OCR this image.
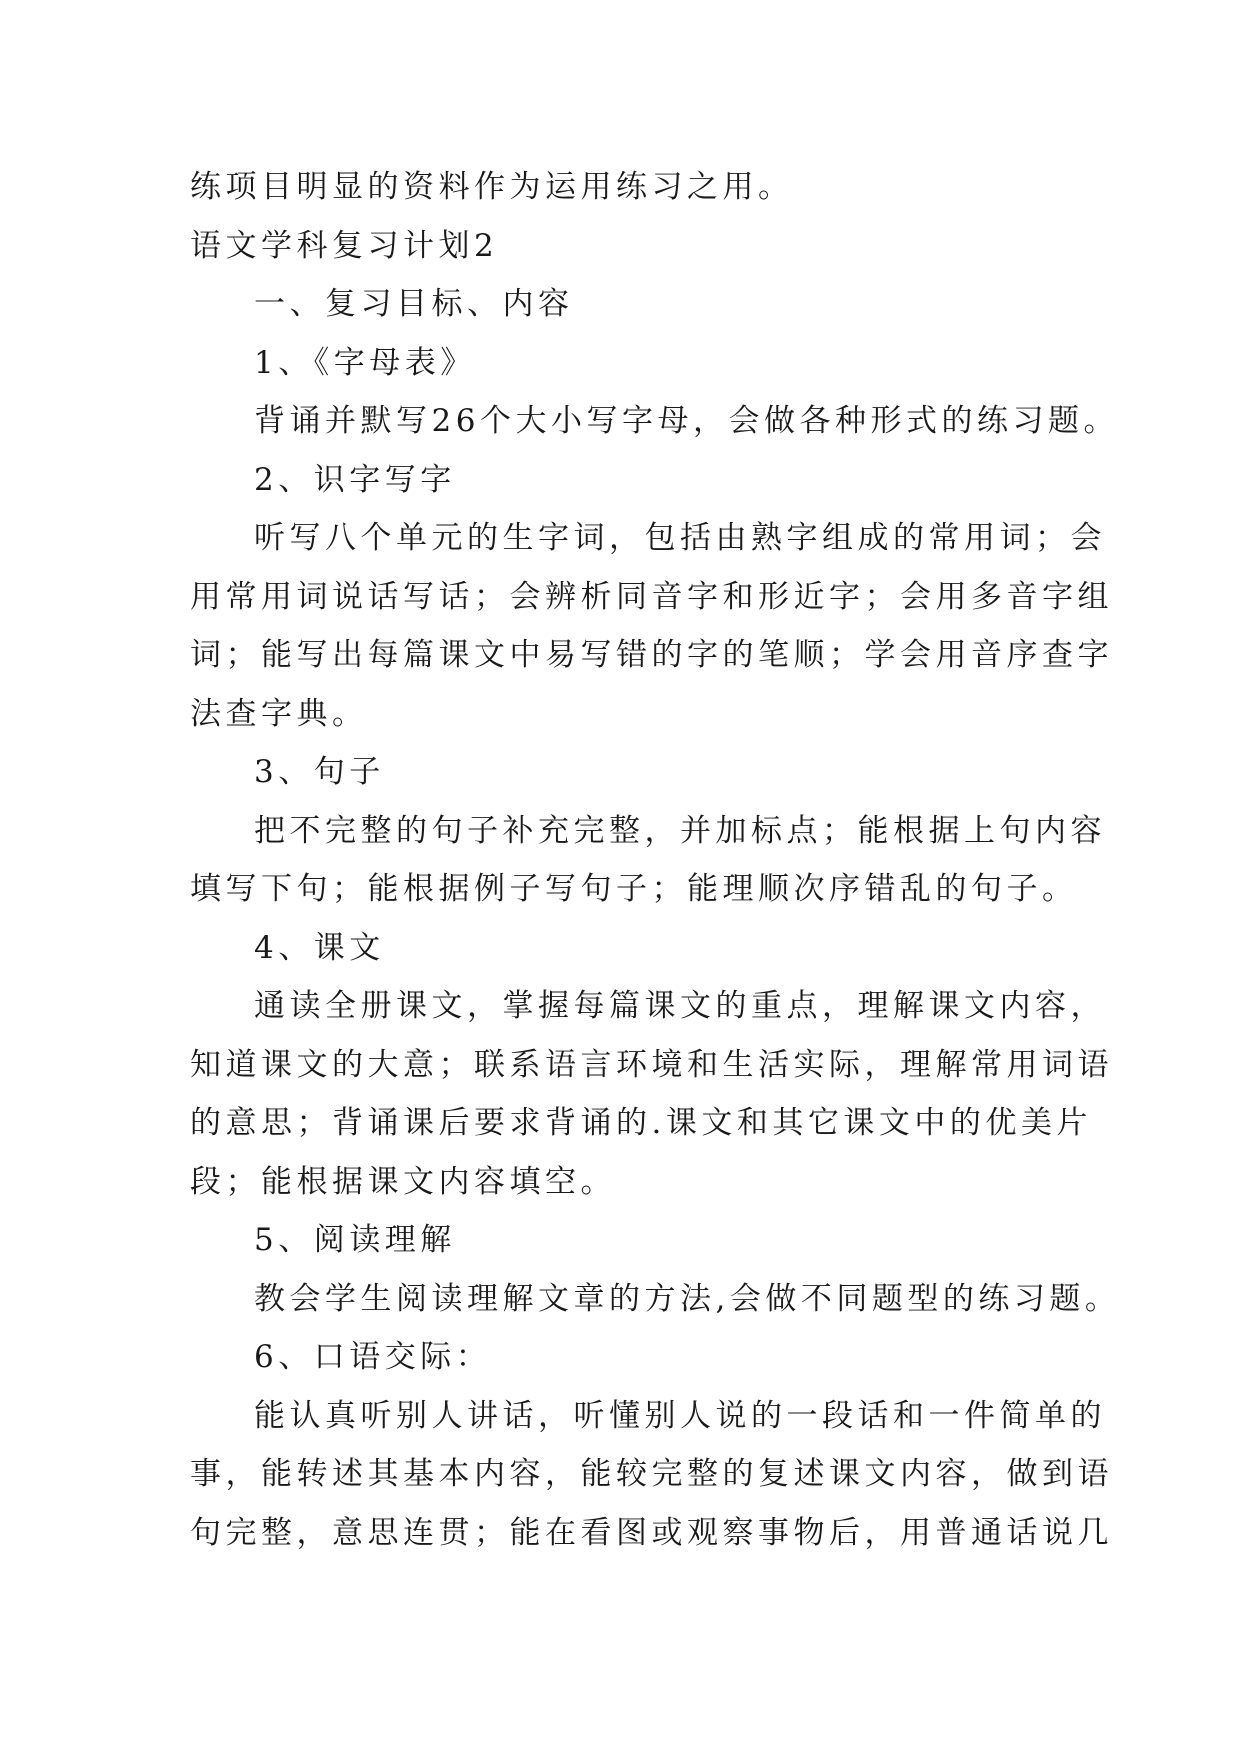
练项目明显的资料作为运用练习之用。

语文学科复习计划2

一、复习目标、内容

1、《字母表》

背诵并默写26个大小写字母，会做各种形式的练习题。

2、识字写字

听写八个单元的生字词，包括由熟字组成的常用词；会

用常用词说话写话；会辨析同音字和形近字；会用多音字组

词；能写出每篇课文中易写错的字的笔顺；学会用音序查字

法查字典。

3、句子

把不完整的句子补充完整，并加标点；能根据上句内容

填写下句；能根据例子写句子；能理顺次序错乱的句子。

4、课文

通读全册课文，掌握每篇课文的重点，理解课文内容，

知道课文的大意；联系语言环境和生活实际，理解常用词语

的意思；背诵课后要求背诵的.课文和其它课文中的优美片

段；能根据课文内容填空。

5、阅读理解

教会学生阅读理解文章的方法,会做不同题型的练习题。

6、口语交际：

能认真听别人讲话，听懂别人说的一段话和一件简单的

事，能转述其基本内容，能较完整的复述课文内容，做到语

句完整，意思连贯；能在看图或观察事物后，用普通话说几
